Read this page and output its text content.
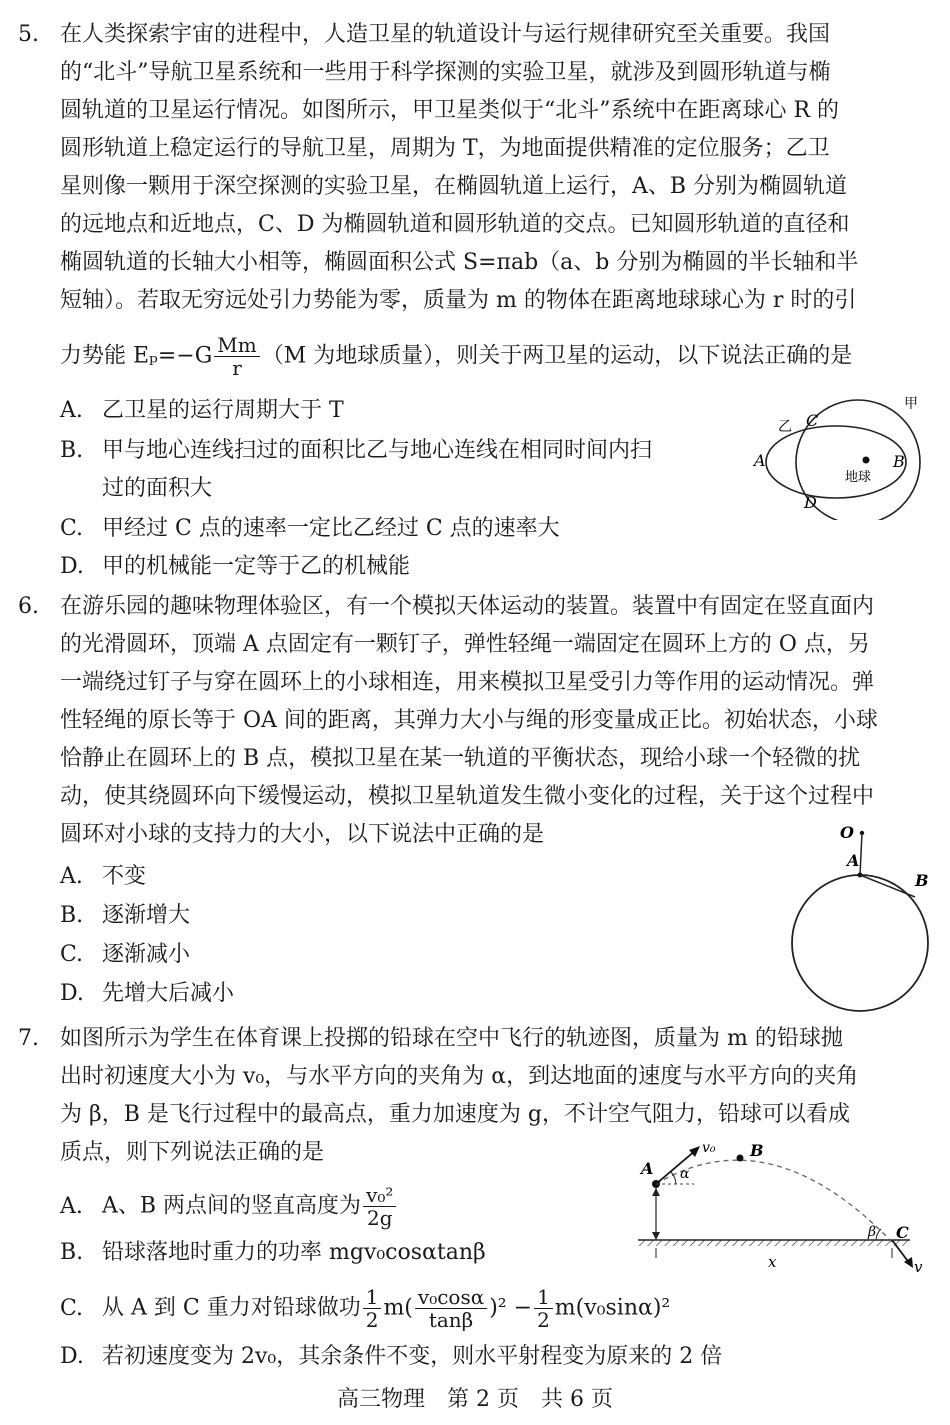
5. 在人类探索宇宙的进程中，人造卫星的轨道设计与运行规律研究至关重要。我国
的“北斗”导航卫星系统和一些用于科学探测的实验卫星，就涉及到圆形轨道与椭
圆轨道的卫星运行情况。如图所示，甲卫星类似于“北斗”系统中在距离球心 R 的
圆形轨道上稳定运行的导航卫星，周期为 T，为地面提供精准的定位服务；乙卫
星则像一颗用于深空探测的实验卫星，在椭圆轨道上运行，A、B 分别为椭圆轨道
的远地点和近地点，C、D 为椭圆轨道和圆形轨道的交点。已知圆形轨道的直径和
椭圆轨道的长轴大小相等，椭圆面积公式 S=πab（a、b 分别为椭圆的半长轴和半
短轴）。若取无穷远处引力势能为零，质量为 m 的物体在距离地球球心为 r 时的引
力势能 $E_p=-G \frac{Mm}{r} (M$ 为地球质量），则关于两卫星的运动，以下说法正确的是
A. 乙卫星的运行周期大于 T
B. 甲与地心连线扫过的面积比乙与地心连线在相同时间内扫
过的面积大
C. 甲经过 C 点的速率一定比乙经过 C 点的速率大
D. 甲的机械能一定等于乙的机械能
甲
乙
地球
A	B
C
D
6. 在游乐园的趣味物理体验区，有一个模拟天体运动的装置。装置中有固定在竖直面内
的光滑圆环，顶端 A 点固定有一颗钉子，弹性轻绳一端固定在圆环上方的 O 点，另
一端绕过钉子与穿在圆环上的小球相连，用来模拟卫星受引力等作用的运动情况。弹
性轻绳的原长等于 OA 间的距离，其弹力大小与绳的形变量成正比。初始状态，小球
恰静止在圆环上的 B 点，模拟卫星在某一轨道的平衡状态，现给小球一个轻微的扰
动，使其绕圆环向下缓慢运动，模拟卫星轨道发生微小变化的过程，关于这个过程中
圆环对小球的支持力的大小，以下说法中正确的是
A. 不变
B. 逐渐增大
C. 逐渐减小
D. 先增大后减小
O
A
B
7. 如图所示为学生在体育课上投掷的铅球在空中飞行的轨迹图，质量为 m 的铅球抛
出时初速度大小为 v₀，与水平方向的夹角为 α，到达地面的速度与水平方向的夹角
为 β，B 是飞行过程中的最高点，重力加速度为 g，不计空气阻力，铅球可以看成
质点，则下列说法正确的是
A. A、B 两点间的竖直高度为 $\frac{\text{v₀²}}{2g}$
B. 铅球落地时重力的功率 mgv₀cosαtanβ
C. 从 A 到 C 重力对铅球做功 $\frac{1}{2} m( \frac{\text{v₀cosα}}{\tan\beta} )^2 - \frac{1}{2} m(v_0\sin\alpha)^2$
D. 若初速度变为 2v₀，其余条件不变，则水平射程变为原来的 2 倍
A
B
C
v₀
α
β
x	v
高三物理　第 2 页　共 6 页
